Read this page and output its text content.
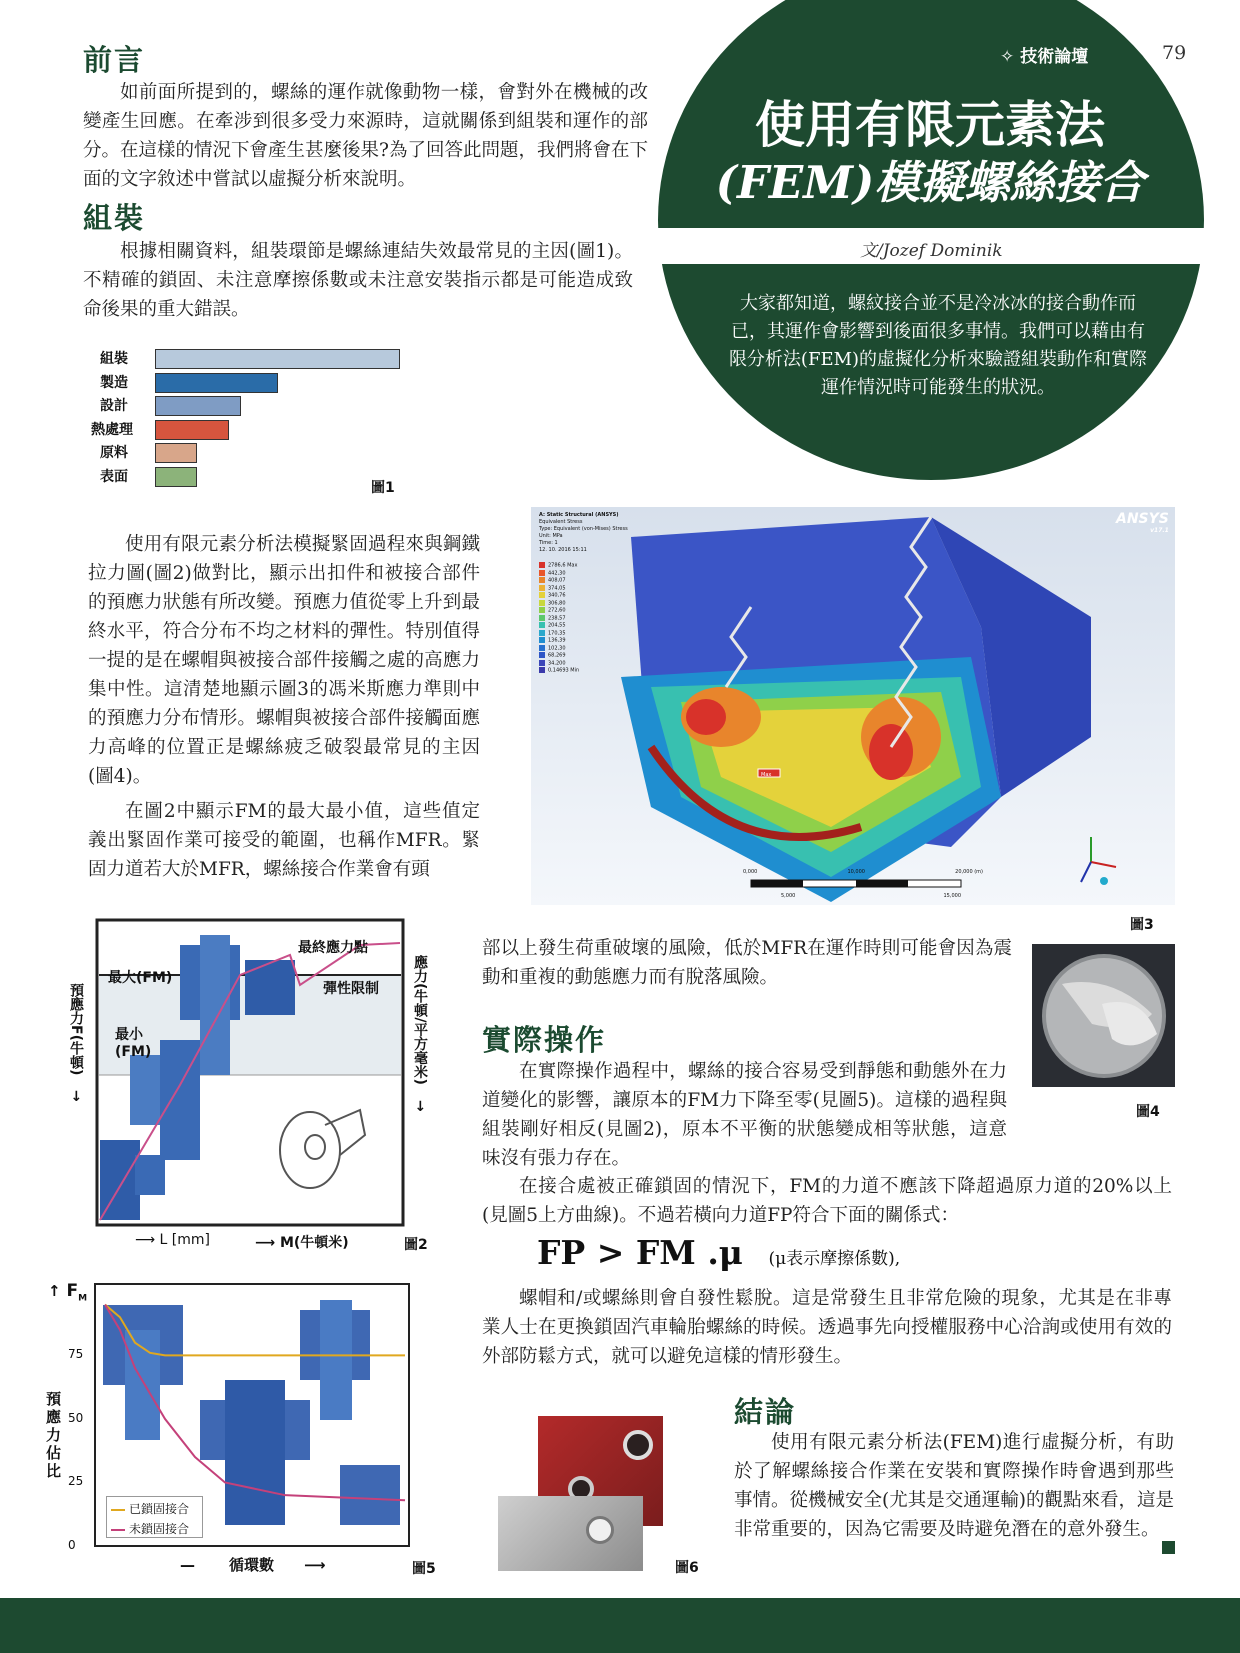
✧ 技術論壇	79
使用有限元素法
(FEM)模擬螺絲接合
文/Jozef Dominik

大家都知道，螺紋接合並不是冷冰冰的接合動作而已，其運作會影響到後面很多事情。我們可以藉由有限分析法(FEM)的虛擬化分析來驗證組裝動作和實際運作情況時可能發生的狀況。

前言

如前面所提到的，螺絲的運作就像動物一樣，會對外在機械的改變產生回應。在牽涉到很多受力來源時，這就關係到組裝和運作的部分。在這樣的情況下會產生甚麼後果?為了回答此問題，我們將會在下面的文字敘述中嘗試以虛擬分析來說明。

組裝

根據相關資料，組裝環節是螺絲連結失效最常見的主因(圖1)。不精確的鎖固、未注意摩擦係數或未注意安裝指示都是可能造成致命後果的重大錯誤。

組裝
製造
設計
熱處理
原料
表面
圖1

使用有限元素分析法模擬緊固過程來與鋼鐵拉力圖(圖2)做對比，顯示出扣件和被接合部件的預應力狀態有所改變。預應力值從零上升到最終水平，符合分布不均之材料的彈性。特別值得一提的是在螺帽與被接合部件接觸之處的高應力集中性。這清楚地顯示圖3的馮米斯應力準則中的預應力分布情形。螺帽與被接合部件接觸面應力高峰的位置正是螺絲疲乏破裂最常見的主因(圖4)。

在圖2中顯示FM的最大最小值，這些值定義出緊固作業可接受的範圍，也稱作MFR。緊固力道若大於MFR，螺絲接合作業會有頭

Max
A: Static Structural (ANSYS)
Equivalent Stress
Type: Equivalent (von-Mises) Stress
Unit: MPa
Time: 1
12. 10. 2016 15:11
2786,6 Max
442,30
408,07
374,05
340,76
306,80
272,60
238,57
204,55
170,35
136,39
102,30
68,269
34,200
0,14693 Min
ANSYS
v17.1
0,000	10,000	20,000 (m)
5,000	15,000
圖3
最終應力點
彈性限制
最大(FM)
最小 (FM)
預應力F(牛頓) →
應力(牛頓/平方毫米) →
⟶ L [mm]	⟶ M(牛頓米)	圖2

部以上發生荷重破壞的風險，低於MFR在運作時則可能會因為震動和重複的動態應力而有脫落風險。

圖4
實際操作

在實際操作過程中，螺絲的接合容易受到靜態和動態外在力道變化的影響，讓原本的FM力下降至零(見圖5)。這樣的過程與組裝剛好相反(見圖2)，原本不平衡的狀態變成相等狀態，這意味沒有張力存在。

在接合處被正確鎖固的情況下，FM的力道不應該下降超過原力道的20%以上(見圖5上方曲線)。不過若橫向力道FP符合下面的關係式：

FP > FM .μ (μ表示摩擦係數),

螺帽和/或螺絲則會自發性鬆脫。這是常發生且非常危險的現象，尤其是在非專業人士在更換鎖固汽車輪胎螺絲的時候。透過事先向授權服務中心洽詢或使用有效的外部防鬆方式，就可以避免這樣的情形發生。

75
50
25
0
↑ $F_M$
預應力佔比
— 循環數 ⟶
已鎖固接合
未鎖固接合
圖5	圖6
結論

使用有限元素分析法(FEM)進行虛擬分析，有助於了解螺絲接合作業在安裝和實際操作時會遇到那些事情。從機械安全(尤其是交通運輸)的觀點來看，這是非常重要的，因為它需要及時避免潛在的意外發生。
